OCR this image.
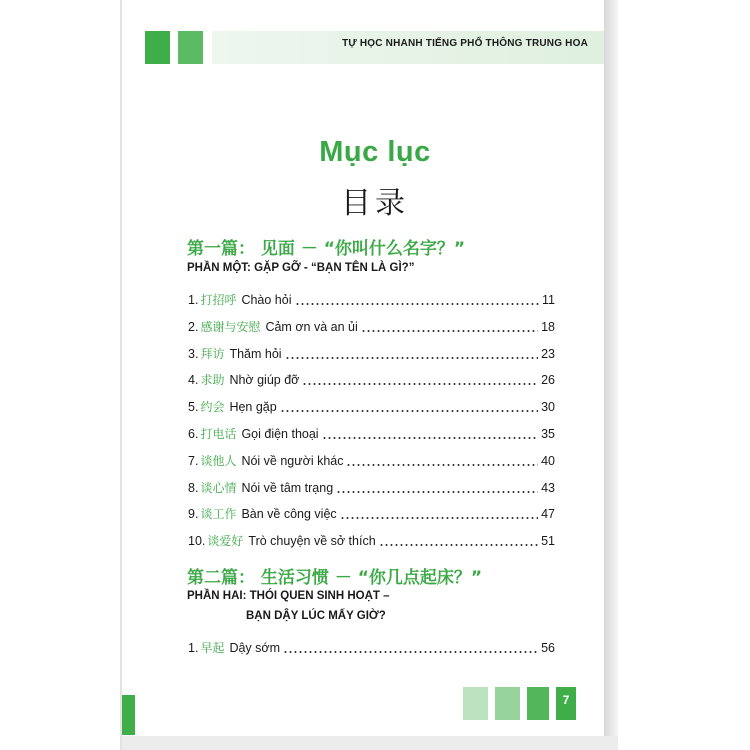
TỰ HỌC NHANH TIẾNG PHỔ THÔNG TRUNG HOA
Mục lục
目录
第一篇： 见面 － “你叫什么名字？”
PHẦN MỘT: GẶP GỠ - “BẠN TÊN LÀ GÌ?”
1. 打招呼 Chào hỏi	11
2. 感谢与安慰 Cảm ơn và an ủi	18
3. 拜访 Thăm hỏi	23
4. 求助 Nhờ giúp đỡ	26
5. 约会 Hẹn gặp	30
6. 打电话 Gọi điện thoại	35
7. 谈他人 Nói về người khác	40
8. 谈心情 Nói về tâm trạng	43
9. 谈工作 Bàn về công việc	47
10. 谈爱好 Trò chuyện về sở thích	51
第二篇： 生活习惯 － “你几点起床？”
PHẦN HAI: THÓI QUEN SINH HOẠT –
BẠN DẬY LÚC MẤY GIỜ?
1. 早起 Dậy sớm	56
7
